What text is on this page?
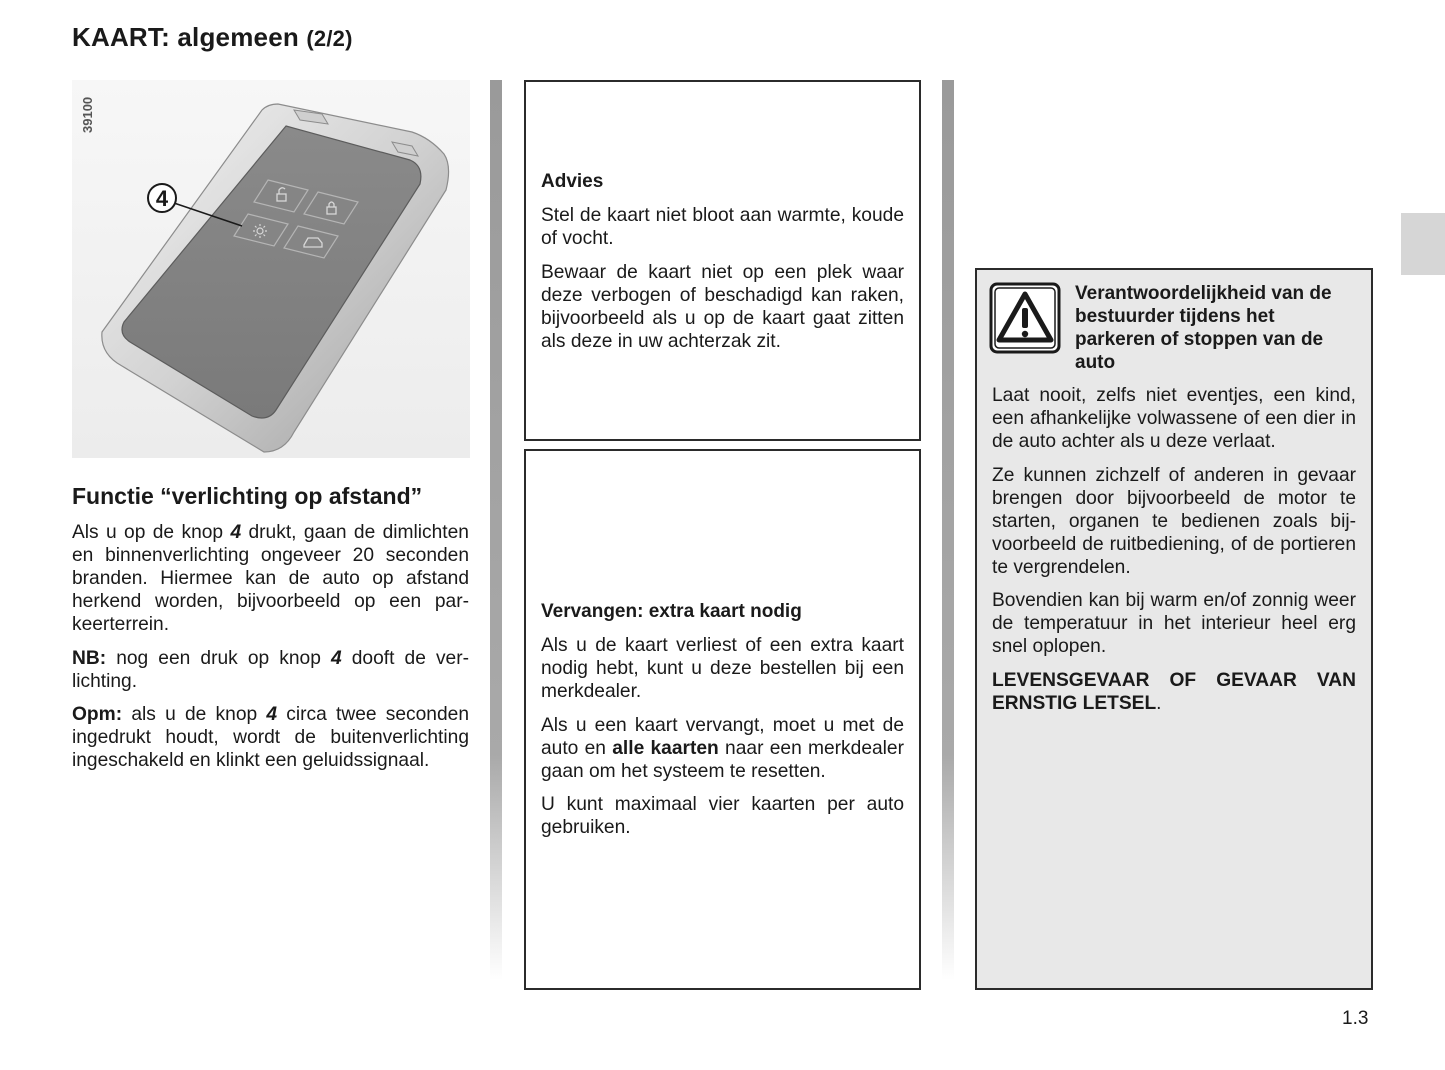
KAART: algemeen (2/2)
4
39100
Functie “verlichting op afstand”

Als u op de knop 4 drukt, gaan de dimlichten en binnenverlichting ongeveer 20 seconden branden. Hiermee kan de auto op afstand herkend worden, bijvoorbeeld op een parkeerterrein.

NB: nog een druk op knop 4 dooft de verlichting.

Opm: als u de knop 4 circa twee seconden ingedrukt houdt, wordt de buitenverlichting ingeschakeld en klinkt een geluidssignaal.

Advies

Stel de kaart niet bloot aan warmte, koude of vocht.

Bewaar de kaart niet op een plek waar deze verbogen of beschadigd kan raken, bijvoorbeeld als u op de kaart gaat zitten als deze in uw achterzak zit.

Vervangen: extra kaart nodig

Als u de kaart verliest of een extra kaart nodig hebt, kunt u deze bestellen bij een merkdealer.

Als u een kaart vervangt, moet u met de auto en alle kaarten naar een merkdealer gaan om het systeem te resetten.

U kunt maximaal vier kaarten per auto gebruiken.

Verantwoordelijkheid van de bestuurder tijdens het parkeren of stoppen van de auto

Laat nooit, zelfs niet eventjes, een kind, een afhankelijke volwassene of een dier in de auto achter als u deze verlaat.

Ze kunnen zichzelf of anderen in gevaar brengen door bijvoorbeeld de motor te starten, organen te bedienen zoals bijvoorbeeld de ruitbediening, of de portieren te vergrendelen.

Bovendien kan bij warm en/of zonnig weer de temperatuur in het interieur heel erg snel oplopen.

LEVENSGEVAAR OF GEVAAR VAN ERNSTIG LETSEL.

1.3
